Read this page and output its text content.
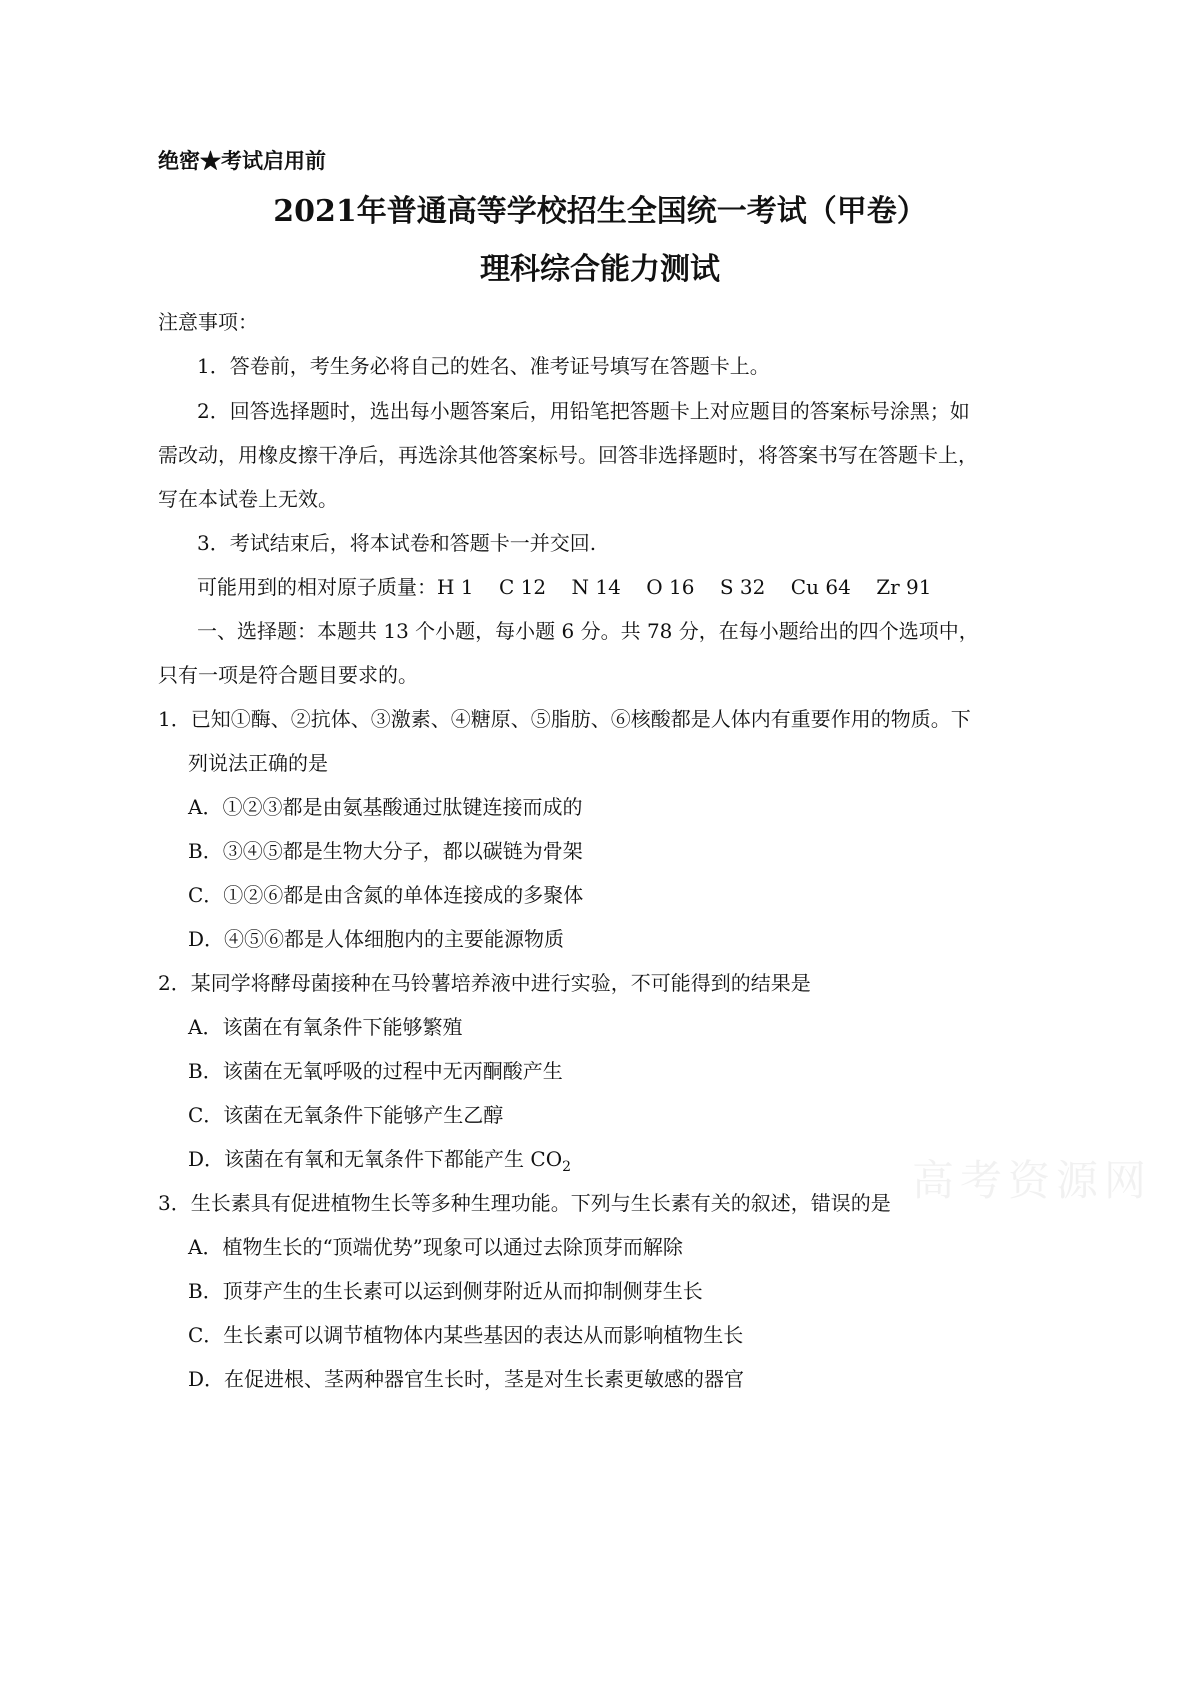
绝密★考试启用前
2021年普通高等学校招生全国统一考试（甲卷）
理科综合能力测试
注意事项：
1．答卷前，考生务必将自己的姓名、准考证号填写在答题卡上。
2．回答选择题时，选出每小题答案后，用铅笔把答题卡上对应题目的答案标号涂黑；如
需改动，用橡皮擦干净后，再选涂其他答案标号。回答非选择题时，将答案书写在答题卡上，
写在本试卷上无效。
3．考试结束后，将本试卷和答题卡一并交回.
可能用到的相对原子质量：H 1    C 12    N 14    O 16    S 32    Cu 64    Zr 91
一、选择题：本题共 13 个小题，每小题 6 分。共 78 分，在每小题给出的四个选项中，
只有一项是符合题目要求的。
1．已知①酶、②抗体、③激素、④糖原、⑤脂肪、⑥核酸都是人体内有重要作用的物质。下
列说法正确的是
A．①②③都是由氨基酸通过肽键连接而成的
B．③④⑤都是生物大分子，都以碳链为骨架
C．①②⑥都是由含氮的单体连接成的多聚体
D．④⑤⑥都是人体细胞内的主要能源物质
2．某同学将酵母菌接种在马铃薯培养液中进行实验，不可能得到的结果是
A．该菌在有氧条件下能够繁殖
B．该菌在无氧呼吸的过程中无丙酮酸产生
C．该菌在无氧条件下能够产生乙醇
D．该菌在有氧和无氧条件下都能产生 $CO_2$
3．生长素具有促进植物生长等多种生理功能。下列与生长素有关的叙述，错误的是
A．植物生长的“顶端优势”现象可以通过去除顶芽而解除
B．顶芽产生的生长素可以运到侧芽附近从而抑制侧芽生长
C．生长素可以调节植物体内某些基因的表达从而影响植物生长
D．在促进根、茎两种器官生长时，茎是对生长素更敏感的器官
高考资源网
